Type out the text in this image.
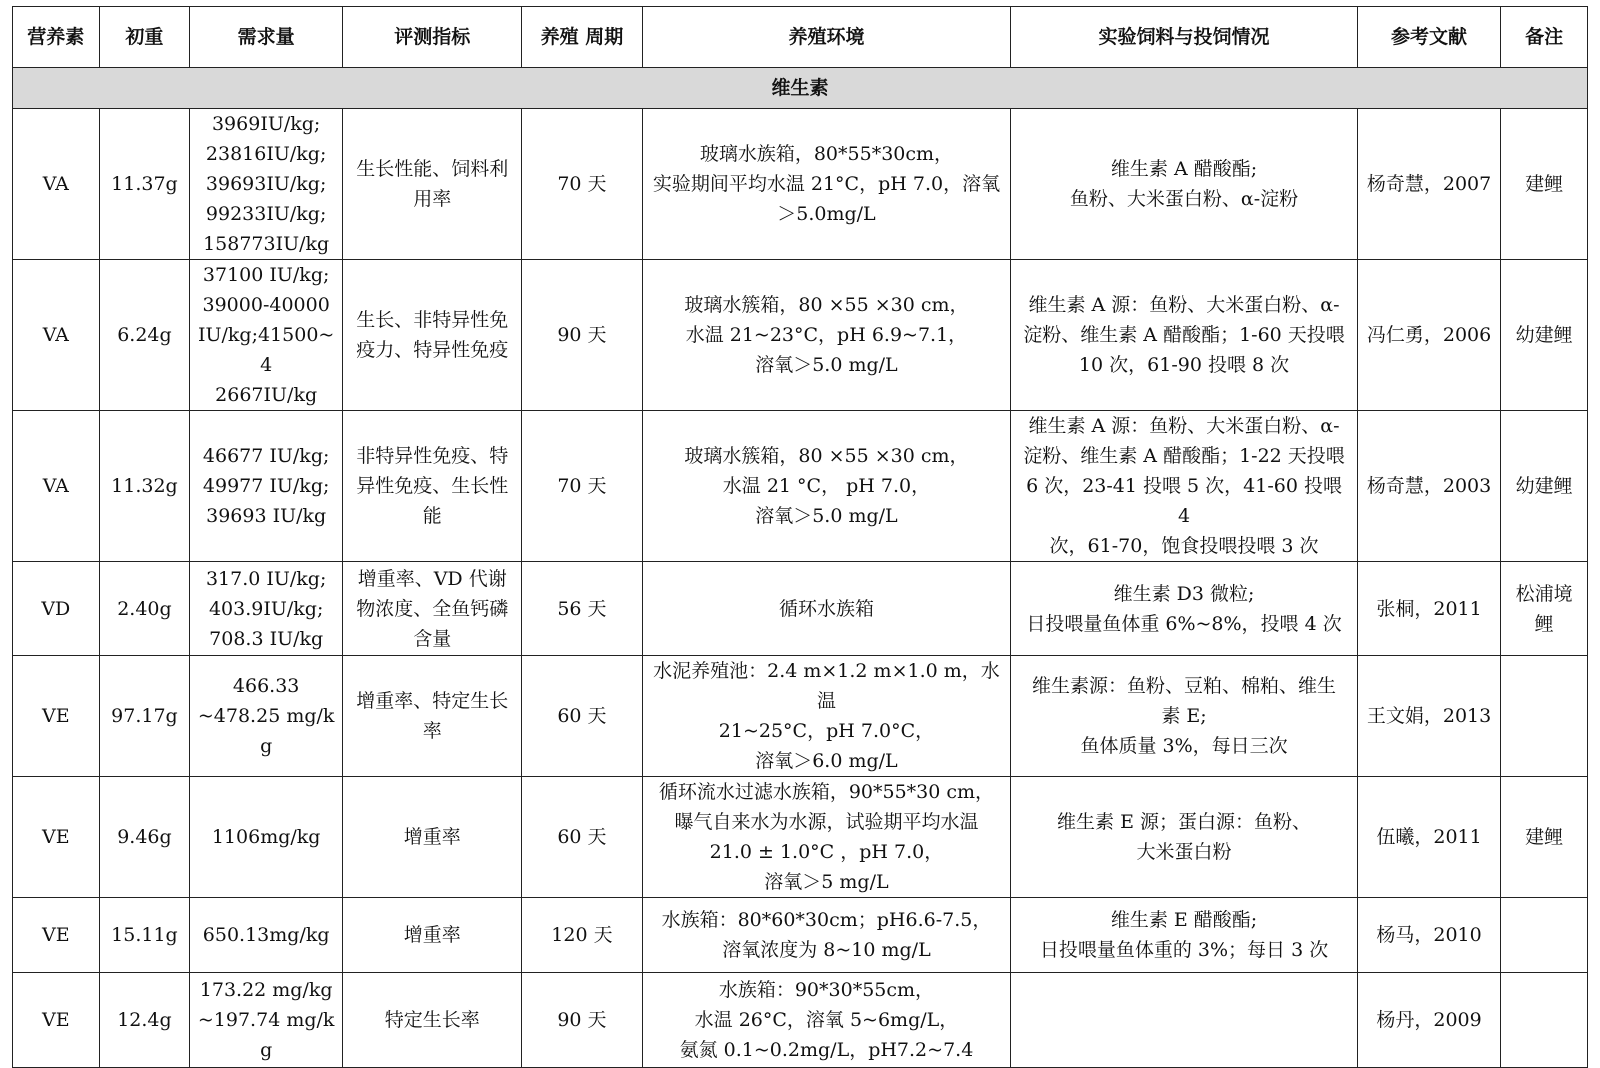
营养素	初重	需求量	评测指标	养殖 周期	养殖环境	实验饲料与投饲情况	参考文献	备注
维生素								
VA	11.37g	3969IU/kg;
23816IU/kg;
39693IU/kg;
99233IU/kg;
158773IU/kg	生长性能、饲料利
用率	70 天	玻璃水族箱，80*55*30cm，
实验期间平均水温 21°C，pH 7.0，溶氧
＞5.0mg/L	维生素 A 醋酸酯;
鱼粉、大米蛋白粉、α-淀粉	杨奇慧，2007	建鲤

VA	6.24g	37100 IU/kg;
39000-40000
IU/kg;41500~4
2667IU/kg	生长、非特异性免
疫力、特异性免疫	90 天	玻璃水簇箱，80 ×55 ×30 cm，
水温 21~23°C，pH 6.9~7.1，
溶氧＞5.0 mg/L	维生素 A 源：鱼粉、大米蛋白粉、α-
淀粉、维生素 A 醋酸酯；1-60 天投喂
10 次，61-90 投喂 8 次	冯仁勇，2006	幼建鲤

VA	11.32g	46677 IU/kg;
49977 IU/kg;
39693 IU/kg	非特异性免疫、特
异性免疫、生长性
能	70 天	玻璃水簇箱，80 ×55 ×30 cm，
水温 21 °C， pH 7.0，
溶氧＞5.0 mg/L	维生素 A 源：鱼粉、大米蛋白粉、α-
淀粉、维生素 A 醋酸酯；1-22 天投喂
6 次，23-41 投喂 5 次，41-60 投喂 4
次，61-70，饱食投喂投喂 3 次	杨奇慧，2003	幼建鲤

VD	2.40g	317.0 IU/kg;
403.9IU/kg;
708.3 IU/kg	增重率、VD 代谢
物浓度、全鱼钙磷
含量	56 天	循环水族箱	维生素 D3 微粒;
日投喂量鱼体重 6%~8%，投喂 4 次	张桐，2011	松浦境
鲤

VE	97.17g	466.33
~478.25 mg/kg	增重率、特定生长
率	60 天	水泥养殖池：2.4 m×1.2 m×1.0 m，水温
21~25°C，pH 7.0°C，
溶氧＞6.0 mg/L	维生素源：鱼粉、豆粕、棉粕、维生
素 E;
鱼体质量 3%，每日三次	王文娟，2013	
VE	9.46g	1106mg/kg	增重率	60 天	循环流水过滤水族箱，90*55*30 cm，
曝气自来水为水源，试验期平均水温
21.0 ± 1.0°C ，pH 7.0，
溶氧＞5 mg/L	维生素 E 源；蛋白源：鱼粉、
大米蛋白粉	伍曦，2011	建鲤

VE	15.11g	650.13mg/kg	增重率	120 天	水族箱：80*60*30cm；pH6.6-7.5，
溶氧浓度为 8~10 mg/L	维生素 E 醋酸酯;
日投喂量鱼体重的 3%；每日 3 次	杨马，2010	
VE	12.4g	173.22 mg/kg
~197.74 mg/kg	特定生长率	90 天	水族箱：90*30*55cm，
水温 26°C，溶氧 5~6mg/L，
氨氮 0.1~0.2mg/L，pH7.2~7.4		杨丹，2009	
